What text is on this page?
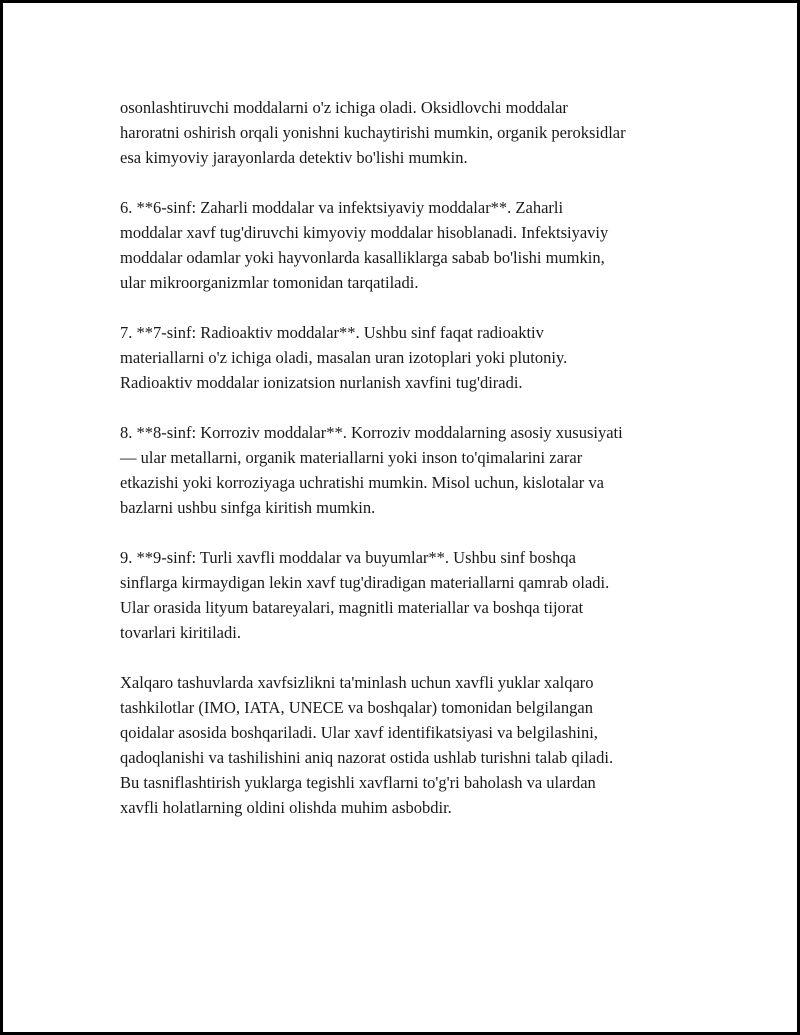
osonlashtiruvchi moddalarni o'z ichiga oladi. Oksidlovchi moddalar
haroratni oshirish orqali yonishni kuchaytirishi mumkin, organik peroksidlar
esa kimyoviy jarayonlarda detektiv bo'lishi mumkin.

6. **6-sinf: Zaharli moddalar va infektsiyaviy moddalar**. Zaharli
moddalar xavf tug'diruvchi kimyoviy moddalar hisoblanadi. Infektsiyaviy
moddalar odamlar yoki hayvonlarda kasalliklarga sabab bo'lishi mumkin,
ular mikroorganizmlar tomonidan tarqatiladi.

7. **7-sinf: Radioaktiv moddalar**. Ushbu sinf faqat radioaktiv
materiallarni o'z ichiga oladi, masalan uran izotoplari yoki plutoniy.
Radioaktiv moddalar ionizatsion nurlanish xavfini tug'diradi.

8. **8-sinf: Korroziv moddalar**. Korroziv moddalarning asosiy xususiyati
— ular metallarni, organik materiallarni yoki inson to'qimalarini zarar
etkazishi yoki korroziyaga uchratishi mumkin. Misol uchun, kislotalar va
bazlarni ushbu sinfga kiritish mumkin.

9. **9-sinf: Turli xavfli moddalar va buyumlar**. Ushbu sinf boshqa
sinflarga kirmaydigan lekin xavf tug'diradigan materiallarni qamrab oladi.
Ular orasida lityum batareyalari, magnitli materiallar va boshqa tijorat
tovarlari kiritiladi.

Xalqaro tashuvlarda xavfsizlikni ta'minlash uchun xavfli yuklar xalqaro
tashkilotlar (IMO, IATA, UNECE va boshqalar) tomonidan belgilangan
qoidalar asosida boshqariladi. Ular xavf identifikatsiyasi va belgilashini,
qadoqlanishi va tashilishini aniq nazorat ostida ushlab turishni talab qiladi.
Bu tasniflashtirish yuklarga tegishli xavflarni to'g'ri baholash va ulardan
xavfli holatlarning oldini olishda muhim asbobdir.
